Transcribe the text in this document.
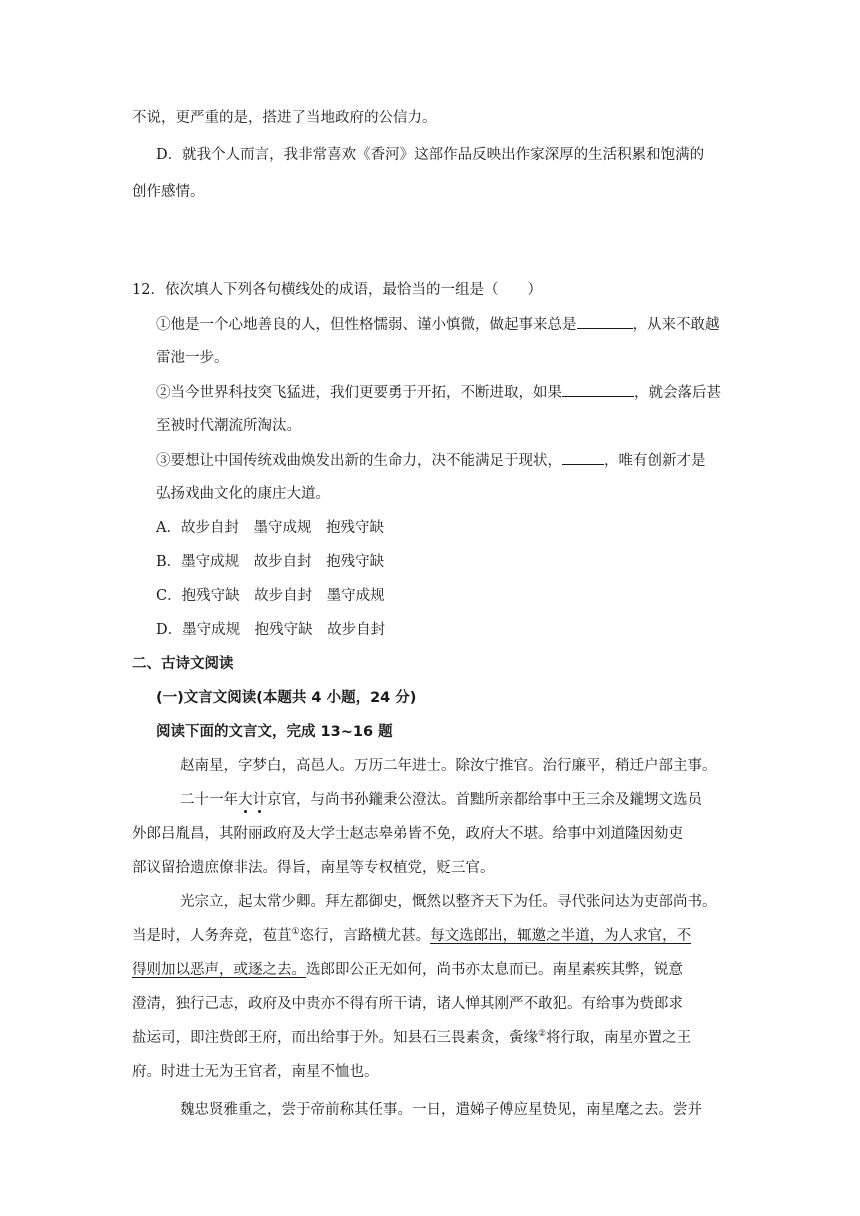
不说，更严重的是，搭进了当地政府的公信力。
D．就我个人而言，我非常喜欢《香河》这部作品反映出作家深厚的生活积累和饱满的
创作感情。
12．依次填人下列各句横线处的成语，最恰当的一组是（　　）
①他是一个心地善良的人，但性格懦弱、谨小慎微，做起事来总是	，从来不敢越
雷池一步。
②当今世界科技突飞猛进，我们更要勇于开拓，不断进取，如果	，就会落后甚
至被时代潮流所淘汰。
③要想让中国传统戏曲焕发出新的生命力，决不能满足于现状，	，唯有创新才是
弘扬戏曲文化的康庄大道。
A．故步自封　墨守成规　抱残守缺
B．墨守成规　故步自封　抱残守缺
C．抱残守缺　故步自封　墨守成规
D．墨守成规　抱残守缺　故步自封
二、古诗文阅读
(一)文言文阅读(本题共 4 小题，24 分)
阅读下面的文言文，完成 13~16 题
赵南星，字梦白，高邑人。万历二年进士。除汝宁推官。治行廉平，稍迁户部主事。
二十一年大计京官，与尚书孙鑨秉公澄汰。首黜所亲都给事中王三余及鑨甥文选员
外郎吕胤昌，其附丽政府及大学士赵志皋弟皆不免，政府大不堪。给事中刘道隆因劾吏
部议留拾遗庶僚非法。得旨，南星等专权植党，贬三官。
光宗立，起太常少卿。拜左都御史，慨然以整齐天下为任。寻代张问达为吏部尚书。
当是时，人务奔竞，苞苴①恣行，言路横尤甚。每文选郎出，辄邀之半道，为人求官，不
得则加以恶声，或逐之去。选郎即公正无如何，尚书亦太息而已。南星素疾其弊，锐意
澄清，独行己志，政府及中贵亦不得有所干请，诸人惮其刚严不敢犯。有给事为赀郎求
盐运司，即注赀郎王府，而出给事于外。知县石三畏素贪，夤缘②将行取，南星亦置之王
府。时进士无为王官者，南星不恤也。
魏忠贤雅重之，尝于帝前称其任事。一日，遣娣子傅应星贽见，南星麾之去。尝并
